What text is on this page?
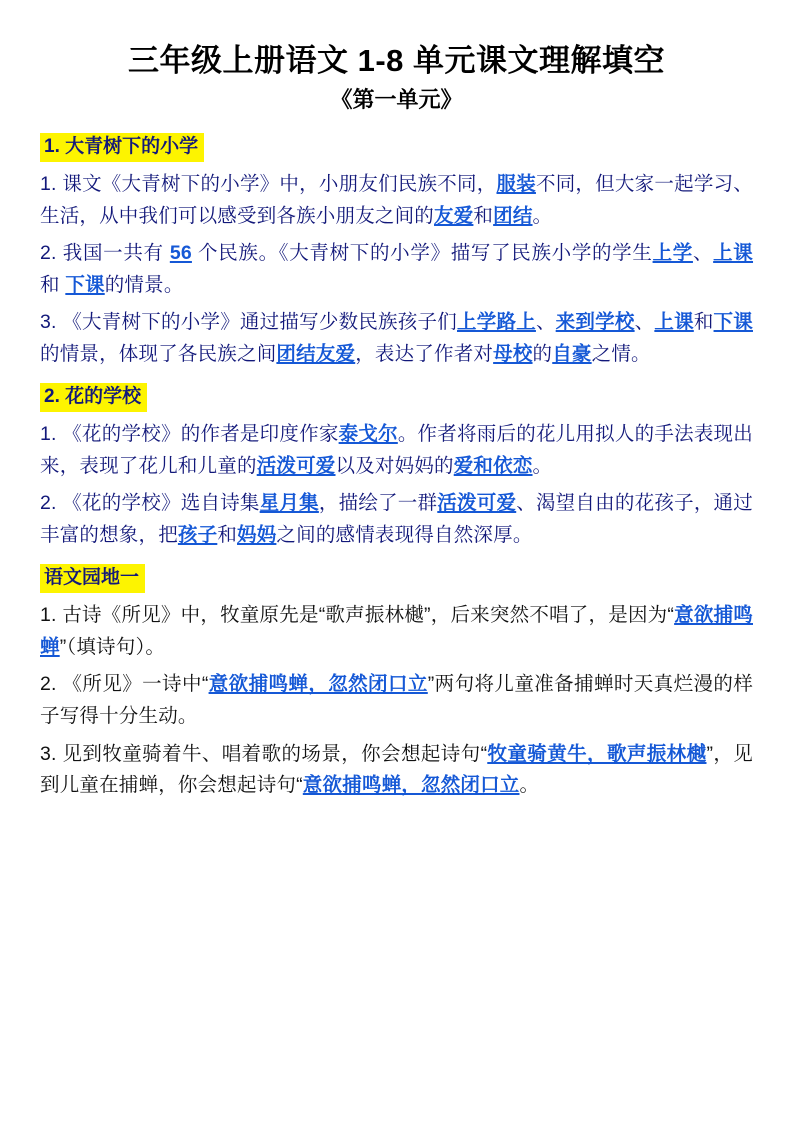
三年级上册语文 1-8 单元课文理解填空
《第一单元》
1. 大青树下的小学

1. 课文《大青树下的小学》中，小朋友们民族不同，服装不同，但大家一起学习、生活，从中我们可以感受到各族小朋友之间的友爱和团结。

2. 我国一共有 56 个民族。《大青树下的小学》描写了民族小学的学生上学、上课和 下课的情景。

3. 《大青树下的小学》通过描写少数民族孩子们上学路上、来到学校、上课和下课的情景，体现了各民族之间团结友爱，表达了作者对母校的自豪之情。

2. 花的学校

1. 《花的学校》的作者是印度作家泰戈尔。作者将雨后的花儿用拟人的手法表现出来，表现了花儿和儿童的活泼可爱以及对妈妈的爱和依恋。

2. 《花的学校》选自诗集星月集，描绘了一群活泼可爱、渴望自由的花孩子，通过丰富的想象，把孩子和妈妈之间的感情表现得自然深厚。

语文园地一

1. 古诗《所见》中，牧童原先是“歌声振林樾”，后来突然不唱了，是因为“意欲捕鸣蝉”（填诗句）。

2. 《所见》一诗中“意欲捕鸣蝉，忽然闭口立”两句将儿童准备捕蝉时天真烂漫的样子写得十分生动。

3. 见到牧童骑着牛、唱着歌的场景，你会想起诗句“牧童骑黄牛，歌声振林樾”，见到儿童在捕蝉，你会想起诗句“意欲捕鸣蝉，忽然闭口立。
